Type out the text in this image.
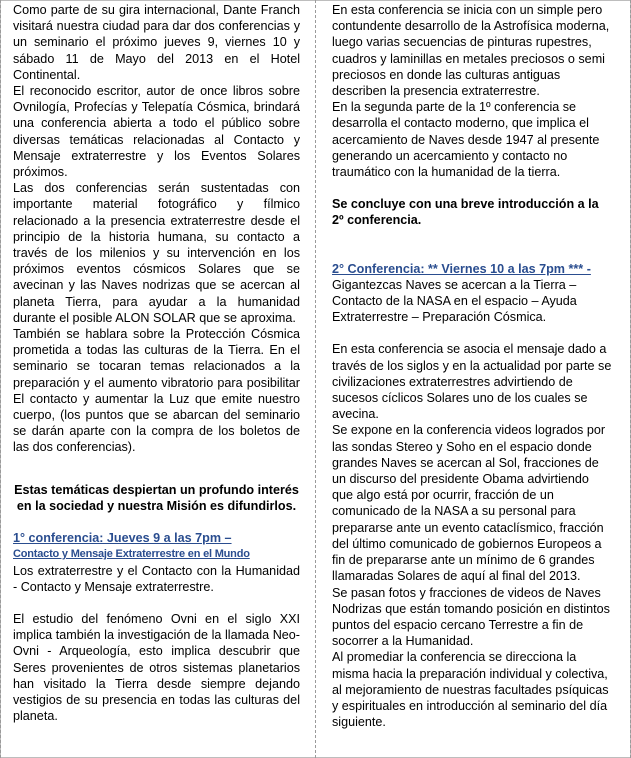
Como parte de su gira internacional, Dante Franch visitará nuestra ciudad para dar dos conferencias y un seminario el próximo jueves 9, viernes 10 y sábado 11 de Mayo del 2013 en el Hotel Continental.

El reconocido escritor, autor de once libros sobre Ovnilogía, Profecías y Telepatía Cósmica, brindará una conferencia abierta a todo el público sobre diversas temáticas relacionadas al Contacto y Mensaje extraterrestre y los Eventos Solares próximos.

Las dos conferencias serán sustentadas con importante material fotográfico y fílmico relacionado a la presencia extraterrestre desde el principio de la historia humana, su contacto a través de los milenios y su intervención en los próximos eventos cósmicos Solares que se avecinan y las Naves nodrizas que se acercan al planeta Tierra, para ayudar a la humanidad durante el posible ALON SOLAR que se aproxima.

También se hablara sobre la Protección Cósmica prometida a todas las culturas de la Tierra. En el seminario se tocaran temas relacionados a la preparación y el aumento vibratorio para posibilitar El contacto y aumentar la Luz que emite nuestro cuerpo, (los puntos que se abarcan del seminario se darán aparte con la compra de los boletos de las dos conferencias).

Estas temáticas despiertan un profundo interés en la sociedad y nuestra Misión es difundirlos.

1° conferencia: Jueves 9 a las 7pm –

Contacto y Mensaje Extraterrestre en el Mundo

Los extraterrestre y el Contacto con la Humanidad - Contacto y Mensaje extraterrestre.

El estudio del fenómeno Ovni en el siglo XXI implica también la investigación de la llamada Neo-Ovni - Arqueología, esto implica descubrir que Seres provenientes de otros sistemas planetarios han visitado la Tierra desde siempre dejando vestigios de su presencia en todas las culturas del planeta.

En esta conferencia se inicia con un simple pero contundente desarrollo de la Astrofísica moderna, luego varias secuencias de pinturas rupestres, cuadros y laminillas en metales preciosos o semi preciosos en donde las culturas antiguas describen la presencia extraterrestre.

En la segunda parte de la 1º conferencia se desarrolla el contacto moderno, que implica el acercamiento de Naves desde 1947 al presente generando un acercamiento y contacto no traumático con la humanidad de la tierra.

Se concluye con una breve introducción a la 2º conferencia.

2° Conferencia: ** Viernes 10 a las 7pm *** -

Gigantezcas Naves se acercan a la Tierra – Contacto de la NASA en el espacio – Ayuda Extraterrestre – Preparación Cósmica.

En esta conferencia se asocia el mensaje dado a través de los siglos y en la actualidad por parte se civilizaciones extraterrestres advirtiendo de sucesos cíclicos Solares uno de los cuales se avecina.

Se expone en la conferencia videos logrados por las sondas Stereo y Soho en el espacio donde grandes Naves se acercan al Sol, fracciones de un discurso del presidente Obama advirtiendo que algo está por ocurrir, fracción de un comunicado de la NASA a su personal para prepararse ante un evento cataclísmico, fracción del último comunicado de gobiernos Europeos a fin de prepararse ante un mínimo de 6 grandes llamaradas Solares de aquí al final del 2013.

Se pasan fotos y fracciones de videos de Naves Nodrizas que están tomando posición en distintos puntos del espacio cercano Terrestre a fin de socorrer a la Humanidad.

Al promediar la conferencia se direcciona la misma hacia la preparación individual y colectiva, al mejoramiento de nuestras facultades psíquicas y espirituales en introducción al seminario del día siguiente.
